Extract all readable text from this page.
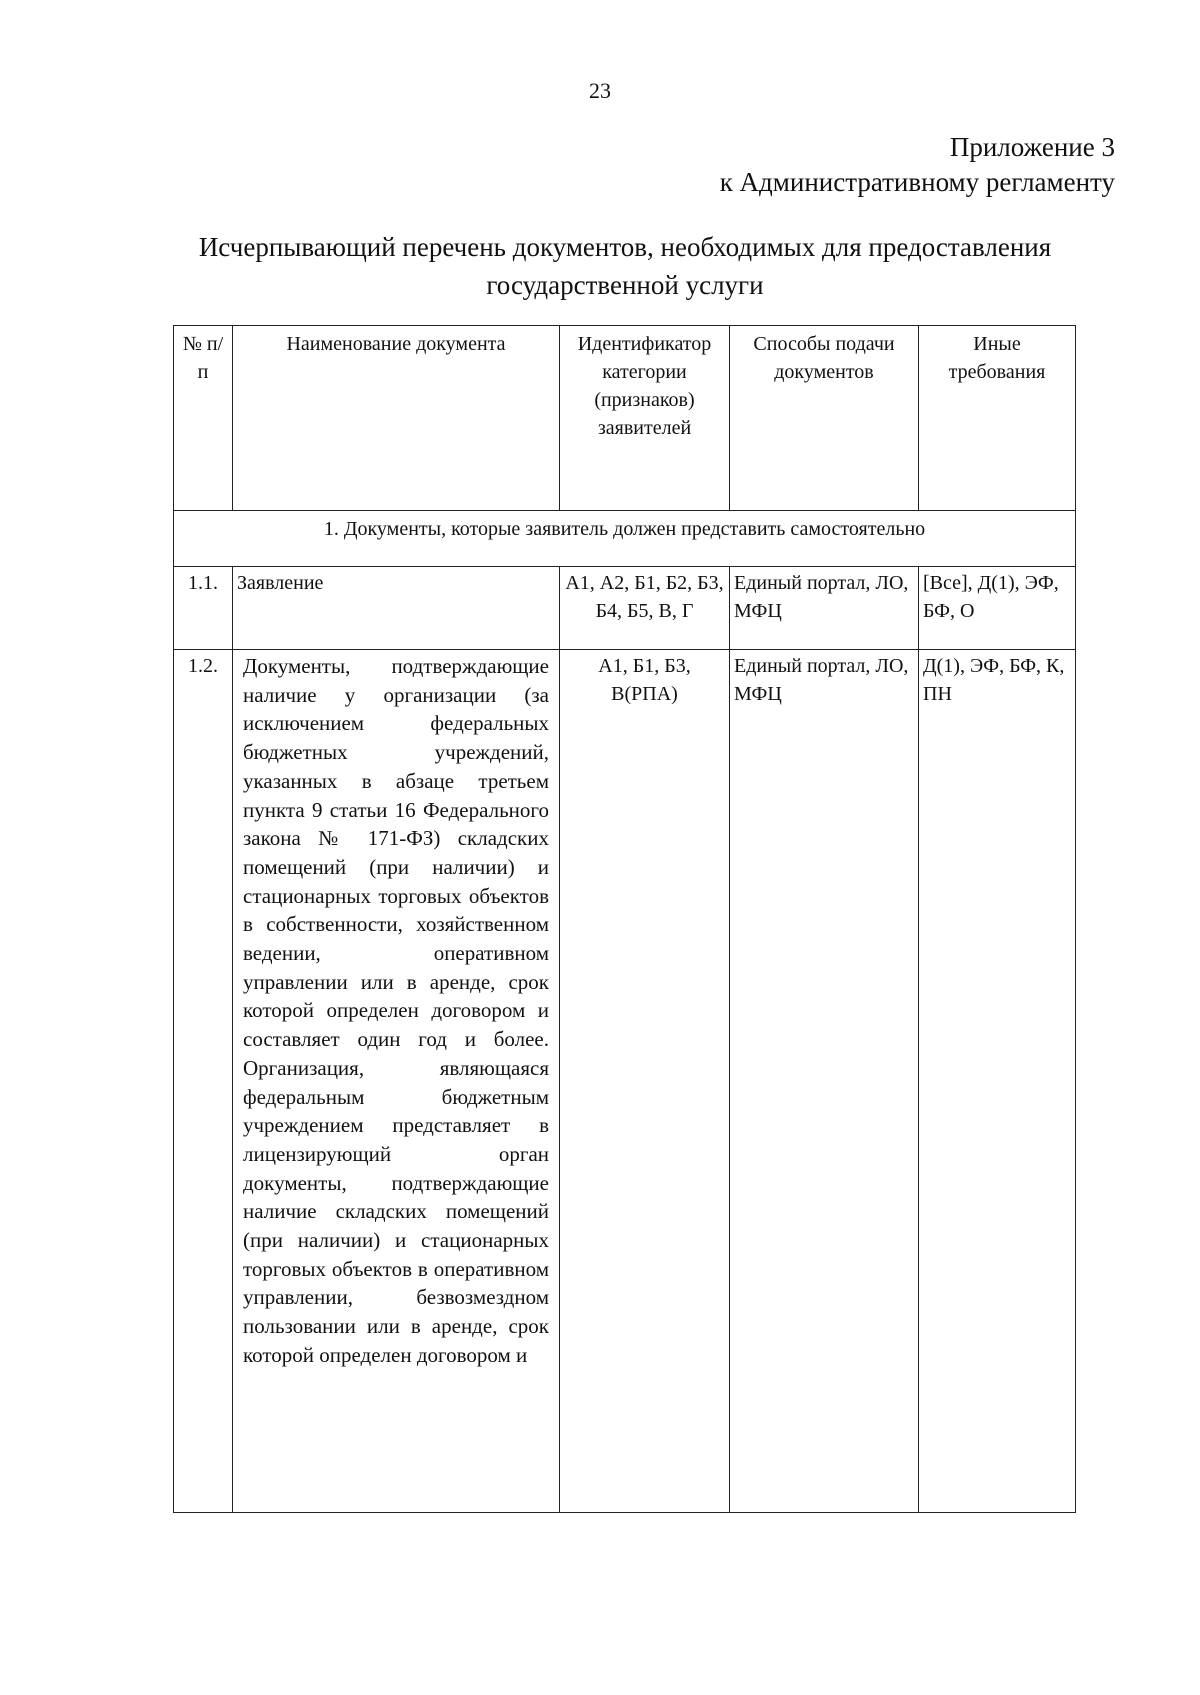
23
Приложение 3
к Административному регламенту
Исчерпывающий перечень документов, необходимых для предоставления
государственной услуги
№ п/п	Наименование документа	Идентификатор категории (признаков) заявителей	Способы подачи документов	Иные требования
1. Документы, которые заявитель должен представить самостоятельно				
1.1.	Заявление	А1, А2, Б1, Б2, Б3, Б4, Б5, В, Г	Единый портал, ЛО, МФЦ	[Все], Д(1), ЭФ, БФ, О
1.2.	Документы, подтверждающие наличие у организации (за исключением федеральных бюджетных учреждений, указанных в абзаце третьем пункта 9 статьи 16 Федерального закона № 171-ФЗ) складских помещений (при наличии) и стационарных торговых объектов в собственности, хозяйственном ведении, оперативном управлении или в аренде, срок которой определен договором и составляет один год и более. Организация, являющаяся федеральным бюджетным учреждением представляет в лицензирующий орган документы, подтверждающие наличие складских помещений (при наличии) и стационарных торговых объектов в оперативном управлении, безвозмездном пользовании или в аренде, срок которой определен договором и	А1, Б1, Б3, В(РПА)	Единый портал, ЛО, МФЦ	Д(1), ЭФ, БФ, К, ПН
